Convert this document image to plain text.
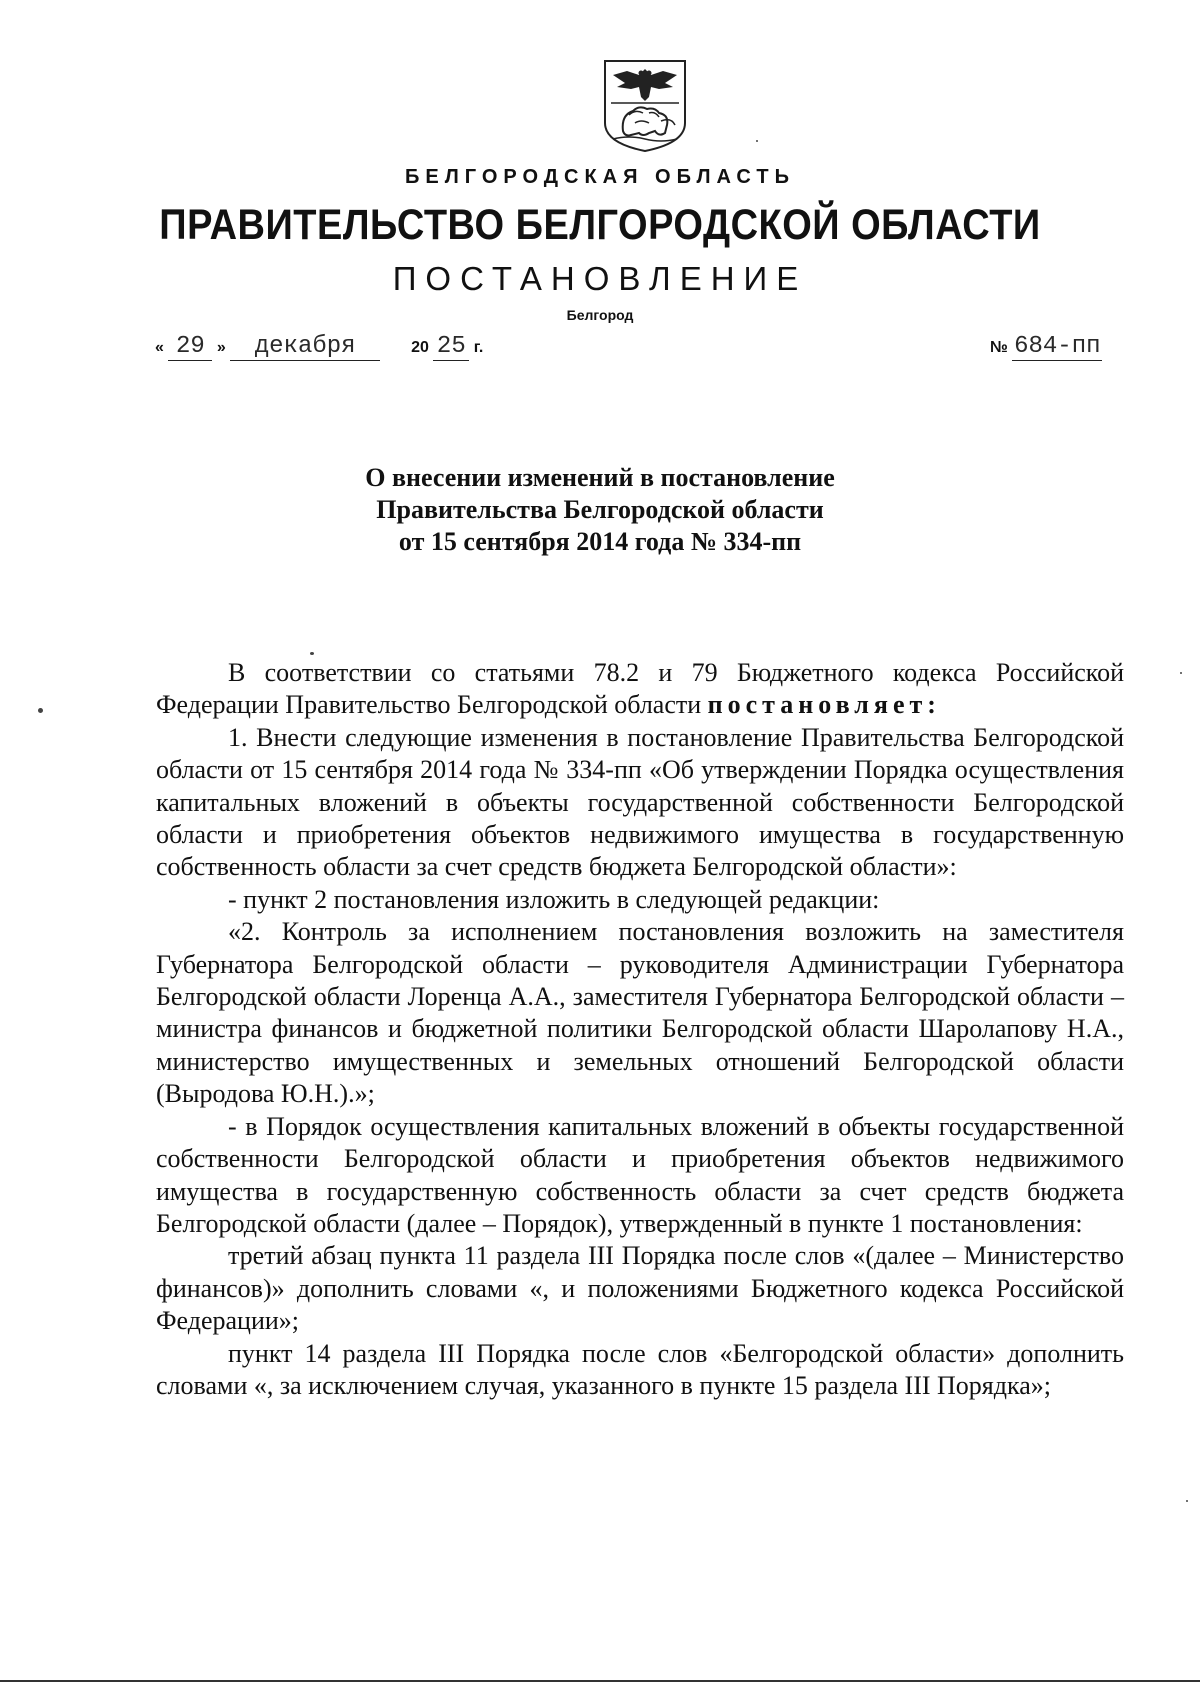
БЕЛГОРОДСКАЯ ОБЛАСТЬ
ПРАВИТЕЛЬСТВО БЕЛГОРОДСКОЙ ОБЛАСТИ
ПОСТАНОВЛЕНИЕ
Белгород
« 29 » декабря	20 25 г.	№ 684-пп
О внесении изменений в постановление
Правительства Белгородской области
от 15 сентября 2014 года № 334-пп

В соответствии со статьями 78.2 и 79 Бюджетного кодекса Российской Федерации Правительство Белгородской области постановляет:

1. Внести следующие изменения в постановление Правительства Белгородской области от 15 сентября 2014 года № 334-пп «Об утверждении Порядка осуществления капитальных вложений в объекты государственной собственности Белгородской области и приобретения объектов недвижимого имущества в государственную собственность области за счет средств бюджета Белгородской области»:

- пункт 2 постановления изложить в следующей редакции:

«2. Контроль за исполнением постановления возложить на заместителя Губернатора Белгородской области – руководителя Администрации Губернатора Белгородской области Лоренца А.А., заместителя Губернатора Белгородской области – министра финансов и бюджетной политики Белгородской области Шаролапову Н.А., министерство имущественных и земельных отношений Белгородской области (Выродова Ю.Н.).»;

- в Порядок осуществления капитальных вложений в объекты государственной собственности Белгородской области и приобретения объектов недвижимого имущества в государственную собственность области за счет средств бюджета Белгородской области (далее – Порядок), утвержденный в пункте 1 постановления:

третий абзац пункта 11 раздела III Порядка после слов «(далее – Министерство финансов)» дополнить словами «, и положениями Бюджетного кодекса Российской Федерации»;

пункт 14 раздела III Порядка после слов «Белгородской области» дополнить словами «, за исключением случая, указанного в пункте 15 раздела III Порядка»;
